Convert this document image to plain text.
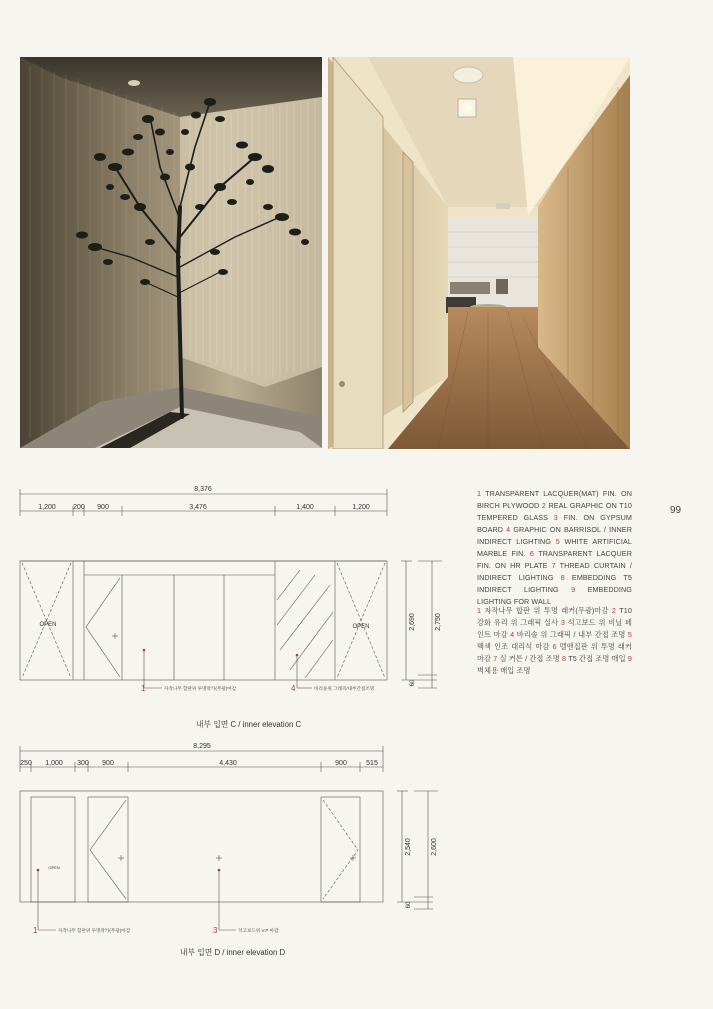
8,376
1,200 200 900	3,476	1,400	1,200
OPEN	OPEN	2,690	2,750
60
8,295
250 1,000 300 900	4,430	900	515
OPEN
2,540	2,600
60
1	4
1	3
자작나무 합판위 투명락카(무광)마감	바리솔위 그래픽/내부간접조명
자작나무 합판위 투명락카(무광)마감	석고보드위 V.P 마감
내부 입면 C / inner elevation C
내부 입면 D / inner elevation D
99
1 TRANSPARENT LACQUER(MAT) FIN. ON BIRCH PLYWOOD 2 REAL GRAPHIC ON T10 TEMPERED GLASS 3 FIN. ON GYPSUM BOARD 4 GRAPHIC ON BARRISOL / INNER INDIRECT LIGHTING 5 WHITE ARTIFICIAL MARBLE FIN. 6 TRANSPARENT LACQUER FIN. ON HR PLATE 7 THREAD CURTAIN / INDIRECT LIGHTING 8 EMBEDDING T5 INDIRECT LIGHTING 9 EMBEDDING LIGHTING FOR WALL
1 자작나무 합판 위 투명 래커(무광)마감 2 T10 강화 유리 위 그래픽 실사 3 석고보드 위 비닐 페인트 마감 4 바리솔 위 그래픽 / 내부 간접 조명 5 백색 인조 대리석 마감 6 멜엔집판 위 투명 래커 마감 7 실 커튼 / 간접 조명 8 T5 간접 조명 매입 9 벽체용 매입 조명
